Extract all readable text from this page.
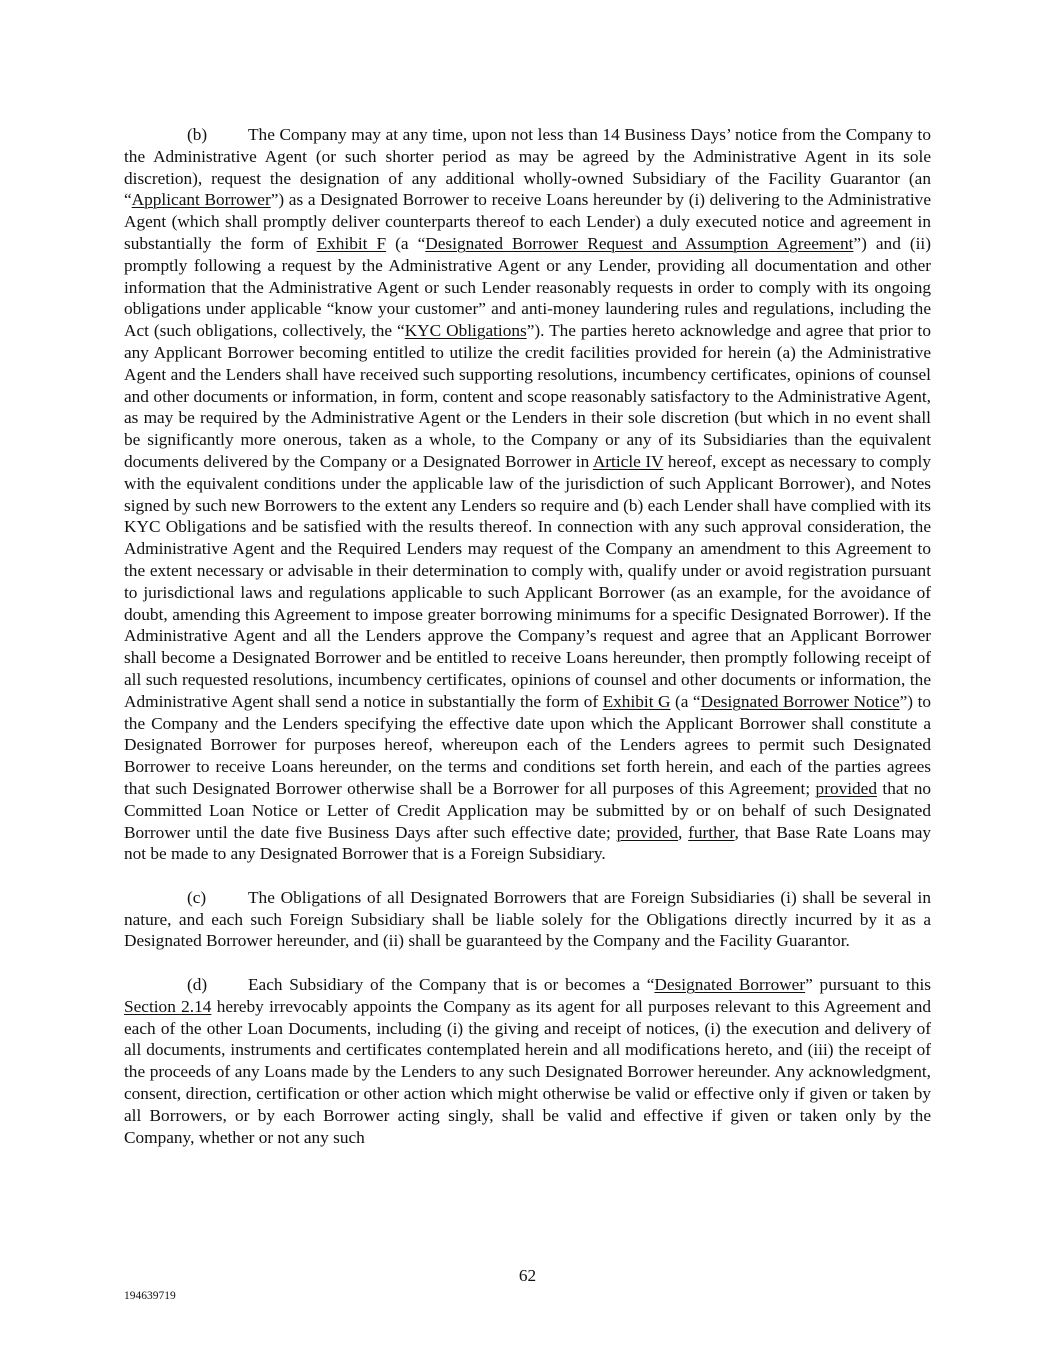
(b) The Company may at any time, upon not less than 14 Business Days’ notice from the Company to the Administrative Agent (or such shorter period as may be agreed by the Administrative Agent in its sole discretion), request the designation of any additional wholly-owned Subsidiary of the Facility Guarantor (an “Applicant Borrower”) as a Designated Borrower to receive Loans hereunder by (i) delivering to the Administrative Agent (which shall promptly deliver counterparts thereof to each Lender) a duly executed notice and agreement in substantially the form of Exhibit F (a “Designated Borrower Request and Assumption Agreement”) and (ii) promptly following a request by the Administrative Agent or any Lender, providing all documentation and other information that the Administrative Agent or such Lender reasonably requests in order to comply with its ongoing obligations under applicable “know your customer” and anti-money laundering rules and regulations, including the Act (such obligations, collectively, the “KYC Obligations”). The parties hereto acknowledge and agree that prior to any Applicant Borrower becoming entitled to utilize the credit facilities provided for herein (a) the Administrative Agent and the Lenders shall have received such supporting resolutions, incumbency certificates, opinions of counsel and other documents or information, in form, content and scope reasonably satisfactory to the Administrative Agent, as may be required by the Administrative Agent or the Lenders in their sole discretion (but which in no event shall be significantly more onerous, taken as a whole, to the Company or any of its Subsidiaries than the equivalent documents delivered by the Company or a Designated Borrower in Article IV hereof, except as necessary to comply with the equivalent conditions under the applicable law of the jurisdiction of such Applicant Borrower), and Notes signed by such new Borrowers to the extent any Lenders so require and (b) each Lender shall have complied with its KYC Obligations and be satisfied with the results thereof. In connection with any such approval consideration, the Administrative Agent and the Required Lenders may request of the Company an amendment to this Agreement to the extent necessary or advisable in their determination to comply with, qualify under or avoid registration pursuant to jurisdictional laws and regulations applicable to such Applicant Borrower (as an example, for the avoidance of doubt, amending this Agreement to impose greater borrowing minimums for a specific Designated Borrower). If the Administrative Agent and all the Lenders approve the Company’s request and agree that an Applicant Borrower shall become a Designated Borrower and be entitled to receive Loans hereunder, then promptly following receipt of all such requested resolutions, incumbency certificates, opinions of counsel and other documents or information, the Administrative Agent shall send a notice in substantially the form of Exhibit G (a “Designated Borrower Notice”) to the Company and the Lenders specifying the effective date upon which the Applicant Borrower shall constitute a Designated Borrower for purposes hereof, whereupon each of the Lenders agrees to permit such Designated Borrower to receive Loans hereunder, on the terms and conditions set forth herein, and each of the parties agrees that such Designated Borrower otherwise shall be a Borrower for all purposes of this Agreement; provided that no Committed Loan Notice or Letter of Credit Application may be submitted by or on behalf of such Designated Borrower until the date five Business Days after such effective date; provided, further, that Base Rate Loans may not be made to any Designated Borrower that is a Foreign Subsidiary.

(c) The Obligations of all Designated Borrowers that are Foreign Subsidiaries (i) shall be several in nature, and each such Foreign Subsidiary shall be liable solely for the Obligations directly incurred by it as a Designated Borrower hereunder, and (ii) shall be guaranteed by the Company and the Facility Guarantor.

(d) Each Subsidiary of the Company that is or becomes a “Designated Borrower” pursuant to this Section 2.14 hereby irrevocably appoints the Company as its agent for all purposes relevant to this Agreement and each of the other Loan Documents, including (i) the giving and receipt of notices, (i) the execution and delivery of all documents, instruments and certificates contemplated herein and all modifications hereto, and (iii) the receipt of the proceeds of any Loans made by the Lenders to any such Designated Borrower hereunder. Any acknowledgment, consent, direction, certification or other action which might otherwise be valid or effective only if given or taken by all Borrowers, or by each Borrower acting singly, shall be valid and effective if given or taken only by the Company, whether or not any such

62
194639719
